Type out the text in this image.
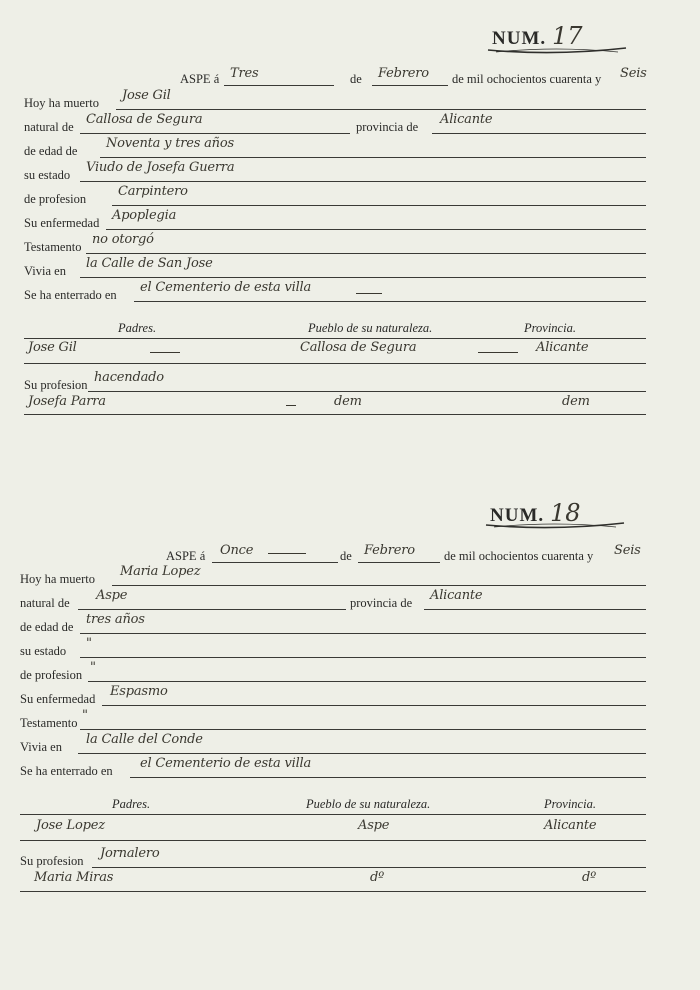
NUM. 17
ASPE á Tres	de Febrero de mil ochocientos cuarenta y Seis
Hoy ha muerto Jose Gil
natural de Callosa de Segura	provincia de Alicante
de edad de Noventa y tres años
su estado Viudo de Josefa Guerra
de profesion Carpintero
Su enfermedad Apoplegia
Testamento no otorgó
Vivia en la Calle de San Jose
Se ha enterrado en el Cementerio de esta villa
Padres.	Pueblo de su naturaleza.	Provincia.
Jose Gil	Callosa de Segura	Alicante
Su profesion hacendado
Josefa Parra	dem	dem
NUM. 18
ASPE á Once	de Febrero de mil ochocientos cuarenta y Seis
Hoy ha muerto Maria Lopez
natural de Aspe	provincia de Alicante
de edad de tres años
su estado "
de profesion "
Su enfermedad Espasmo
Testamento "
Vivia en la Calle del Conde
Se ha enterrado en el Cementerio de esta villa
Padres.	Pueblo de su naturaleza.	Provincia.
Jose Lopez	Aspe	Alicante
Su profesion Jornalero
Maria Miras	dº	dº
